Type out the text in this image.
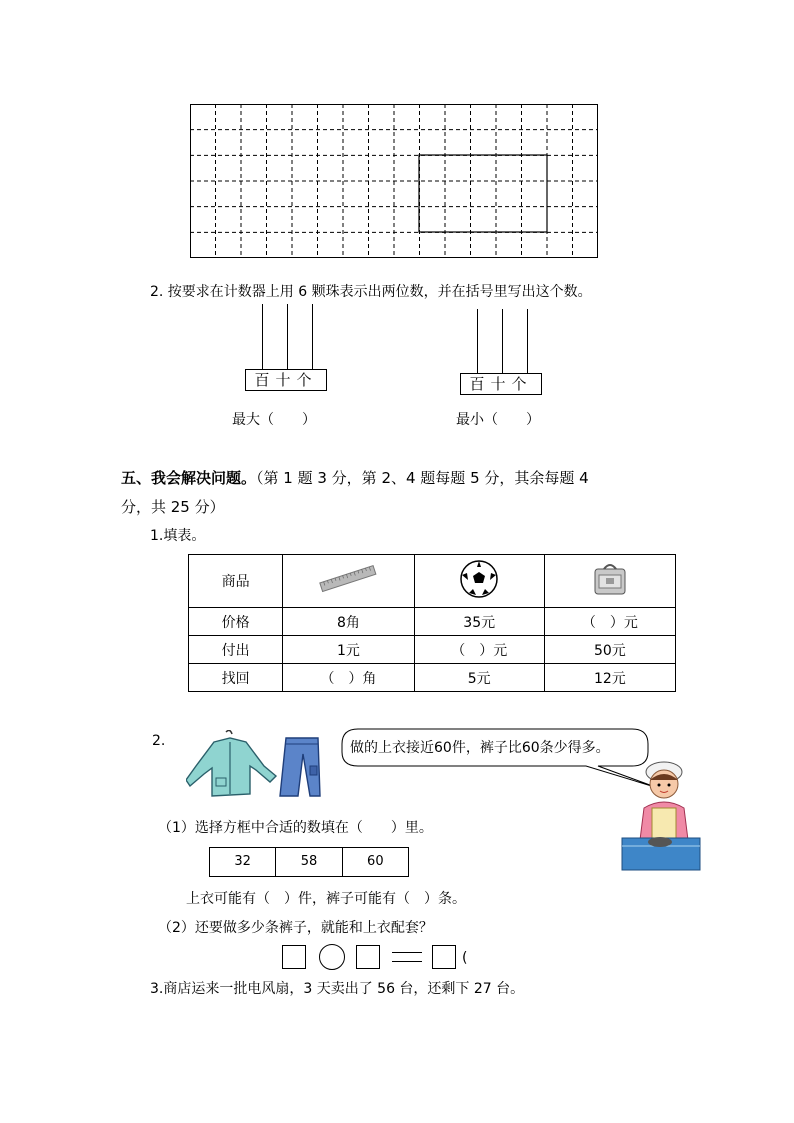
2. 按要求在计数器上用 6 颗珠表示出两位数，并在括号里写出这个数。
百十个
最大（　　）
百十个
最小（　　）
五、我会解决问题。（第 1 题 3 分，第 2、4 题每题 5 分，其余每题 4
分，共 25 分）
1.填表。
商品			
价格	8角	35元	（　）元
付出	1元	（　）元	50元
找回	（　）角	5元	12元
2.	做的上衣接近60件，裤子比60条少得多。
（1）选择方框中合适的数填在（　　）里。
32	58	60
上衣可能有（　）件，裤子可能有（　）条。
（2）还要做多少条裤子，就能和上衣配套？
(
3.商店运来一批电风扇，3 天卖出了 56 台，还剩下 27 台。
